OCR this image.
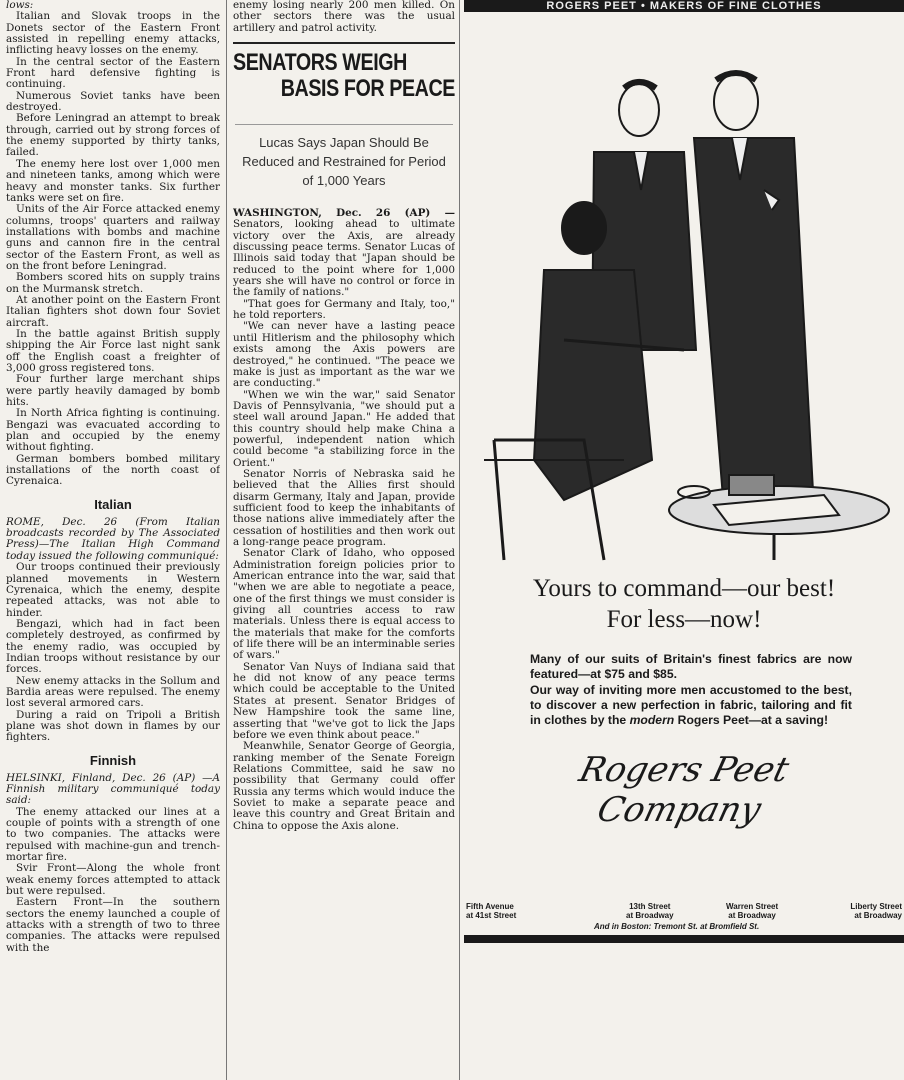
lows:

Italian and Slovak troops in the Donets sector of the Eastern Front assisted in repelling enemy attacks, inflicting heavy losses on the enemy.

In the central sector of the Eastern Front hard defensive fighting is continuing.

Numerous Soviet tanks have been destroyed.

Before Leningrad an attempt to break through, carried out by strong forces of the enemy supported by thirty tanks, failed.

The enemy here lost over 1,000 men and nineteen tanks, among which were heavy and monster tanks. Six further tanks were set on fire.

Units of the Air Force attacked enemy columns, troops' quarters and railway installations with bombs and machine guns and cannon fire in the central sector of the Eastern Front, as well as on the front before Leningrad.

Bombers scored hits on supply trains on the Murmansk stretch.

At another point on the Eastern Front Italian fighters shot down four Soviet aircraft.

In the battle against British supply shipping the Air Force last night sank off the English coast a freighter of 3,000 gross registered tons.

Four further large merchant ships were partly heavily damaged by bomb hits.

In North Africa fighting is continuing. Bengazi was evacuated according to plan and occupied by the enemy without fighting.

German bombers bombed military installations of the north coast of Cyrenaica.

Italian

ROME, Dec. 26 (From Italian broadcasts recorded by The Associated Press)—The Italian High Command today issued the following communiqué:

Our troops continued their previously planned movements in Western Cyrenaica, which the enemy, despite repeated attacks, was not able to hinder.

Bengazi, which had in fact been completely destroyed, as confirmed by the enemy radio, was occupied by Indian troops without resistance by our forces.

New enemy attacks in the Sollum and Bardia areas were repulsed. The enemy lost several armored cars.

During a raid on Tripoli a British plane was shot down in flames by our fighters.

Finnish

HELSINKI, Finland, Dec. 26 (AP) —A Finnish military communiqué today said:

The enemy attacked our lines at a couple of points with a strength of one to two companies. The attacks were repulsed with machine-gun and trench-mortar fire.

Svir Front—Along the whole front weak enemy forces attempted to attack but were repulsed.

Eastern Front—In the southern sectors the enemy launched a couple of attacks with a strength of two to three companies. The attacks were repulsed with the

enemy losing nearly 200 men killed. On other sectors there was the usual artillery and patrol activity.

SENATORS WEIGH
BASIS FOR PEACE
Lucas Says Japan Should Be Reduced and Restrained for Period of 1,000 Years

WASHINGTON, Dec. 26 (AP) — Senators, looking ahead to ultimate victory over the Axis, are already discussing peace terms. Senator Lucas of Illinois said today that "Japan should be reduced to the point where for 1,000 years she will have no control or force in the family of nations."

"That goes for Germany and Italy, too," he told reporters.

"We can never have a lasting peace until Hitlerism and the philosophy which exists among the Axis powers are destroyed," he continued. "The peace we make is just as important as the war we are conducting."

"When we win the war," said Senator Davis of Pennsylvania, "we should put a steel wall around Japan." He added that this country should help make China a powerful, independent nation which could become "a stabilizing force in the Orient."

Senator Norris of Nebraska said he believed that the Allies first should disarm Germany, Italy and Japan, provide sufficient food to keep the inhabitants of those nations alive immediately after the cessation of hostilities and then work out a long-range peace program.

Senator Clark of Idaho, who opposed Administration foreign policies prior to American entrance into the war, said that "when we are able to negotiate a peace, one of the first things we must consider is giving all countries access to raw materials. Unless there is equal access to the materials that make for the comforts of life there will be an interminable series of wars."

Senator Van Nuys of Indiana said that he did not know of any peace terms which could be acceptable to the United States at present. Senator Bridges of New Hampshire took the same line, asserting that "we've got to lick the Japs before we even think about peace."

Meanwhile, Senator George of Georgia, ranking member of the Senate Foreign Relations Committee, said he saw no possibility that Germany could offer Russia any terms which would induce the Soviet to make a separate peace and leave this country and Great Britain and China to oppose the Axis alone.

ROGERS PEET • MAKERS OF FINE CLOTHES
Yours to command—our best!
For less—now!
Many of our suits of Britain's finest fabrics are now featured—at $75 and $85.
Our way of inviting more men accustomed to the best, to discover a new perfection in fabric, tailoring and fit in clothes by the modern Rogers Peet—at a saving!
Rogers Peet
Company
Fifth Avenue
at 41st Street
13th Street
at Broadway
Warren Street
at Broadway
Liberty Street
at Broadway
And in Boston: Tremont St. at Bromfield St.
